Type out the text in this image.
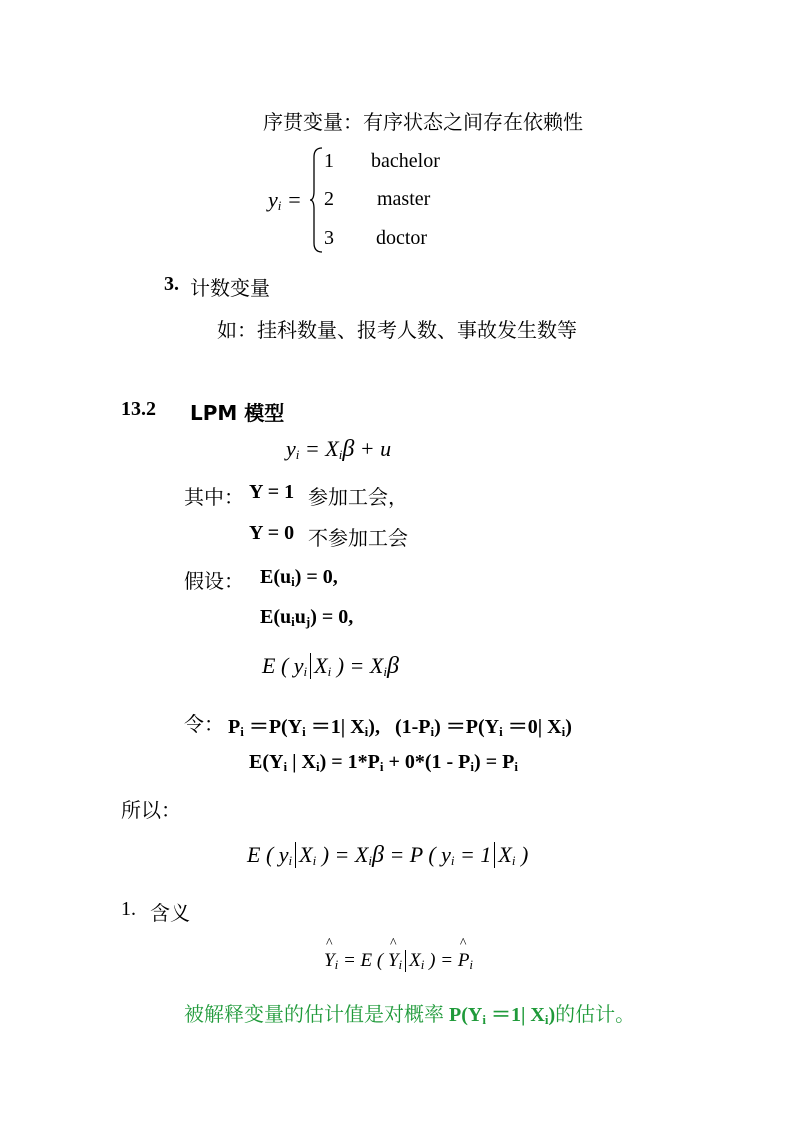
序贯变量：有序状态之间存在依赖性
$y_i$ =
1 bachelor
2 master
3 doctor
3. 计数变量
如：挂科数量、报考人数、事故发生数等
13.2 LPM 模型
$y_i = X_i\beta + u$
其中： Y = 1 参加工会，
Y = 0 不参加工会
假设： $E(u_i) = 0$,
$E(u_iu_j) = 0$,
E ( $y_i$ $X_i$ ) = $X_i\beta$
令： $P_i =P(Y_i =1|$ $X_i$),   $(1-P_i) =P(Y_i =0|$ $X_i$)
$E(Y_i$ | $X_i) = 1*P_i + 0*(1 - P_i) = P_i$
所以：
E ( $y_i$ $X_i$ ) = $X_i\beta = P$ ( $y_i = 1$ $X_i$ )
1. 含义
^ $Y_i = E$ ( ^ $Y_i$ $X_i$ ) = ^ $P_i$
被解释变量的估计值是对概率 $P(Y_i =1|$ $X_i$)的估计。
